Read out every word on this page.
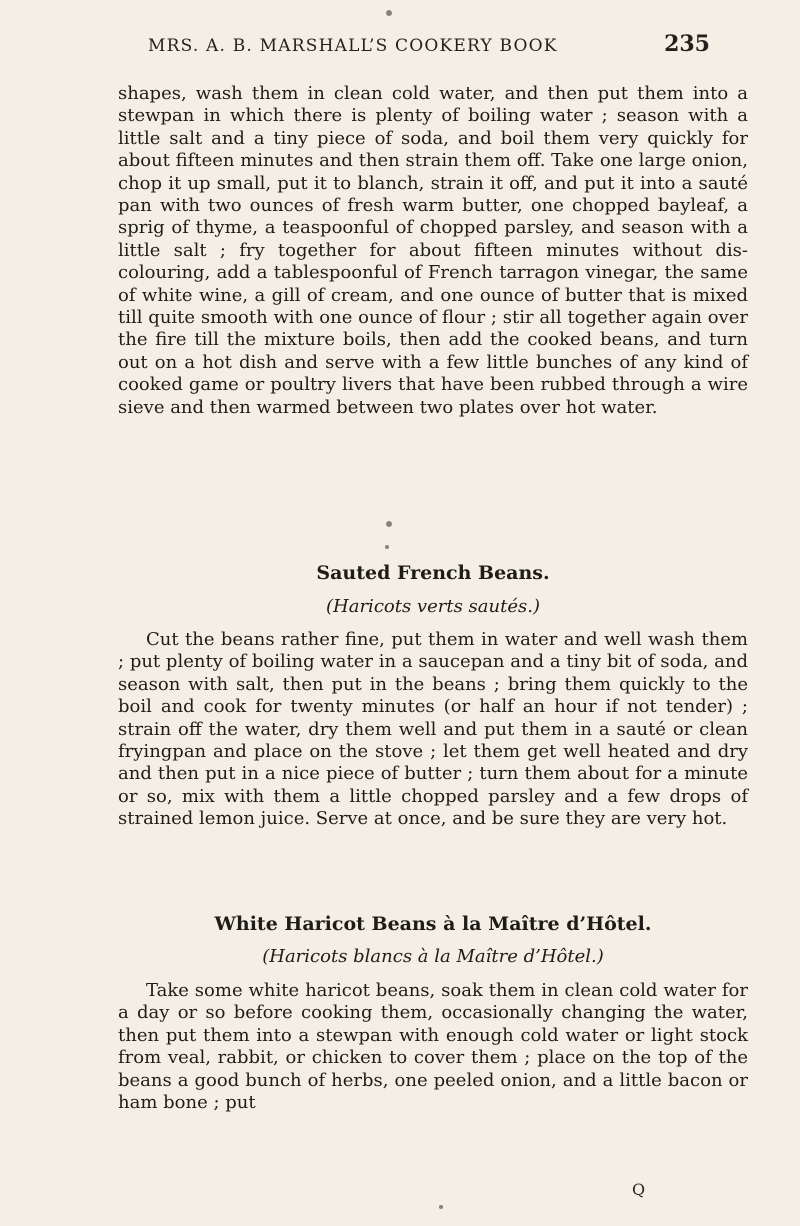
MRS. A. B. MARSHALL’S COOKERY BOOK	235
shapes, wash them in clean cold water, and then put them into a stewpan in which there is plenty of boiling water ; season with a little salt and a tiny piece of soda, and boil them very quickly for about fifteen minutes and then strain them off. Take one large onion, chop it up small, put it to blanch, strain it off, and put it into a sauté pan with two ounces of fresh warm butter, one chopped bayleaf, a sprig of thyme, a teaspoonful of chopped parsley, and season with a little salt ; fry together for about fifteen minutes without dis-colouring, add a tablespoonful of French tarragon vinegar, the same of white wine, a gill of cream, and one ounce of butter that is mixed till quite smooth with one ounce of flour ; stir all together again over the fire till the mixture boils, then add the cooked beans, and turn out on a hot dish and serve with a few little bunches of any kind of cooked game or poultry livers that have been rubbed through a wire sieve and then warmed between two plates over hot water.
Sauted French Beans.
(Haricots verts sautés.)
Cut the beans rather fine, put them in water and well wash them ; put plenty of boiling water in a saucepan and a tiny bit of soda, and season with salt, then put in the beans ; bring them quickly to the boil and cook for twenty minutes (or half an hour if not tender) ; strain off the water, dry them well and put them in a sauté or clean fryingpan and place on the stove ; let them get well heated and dry and then put in a nice piece of butter ; turn them about for a minute or so, mix with them a little chopped parsley and a few drops of strained lemon juice. Serve at once, and be sure they are very hot.
White Haricot Beans à la Maître d’Hôtel.
(Haricots blancs à la Maître d’Hôtel.)
Take some white haricot beans, soak them in clean cold water for a day or so before cooking them, occasionally changing the water, then put them into a stewpan with enough cold water or light stock from veal, rabbit, or chicken to cover them ; place on the top of the beans a good bunch of herbs, one peeled onion, and a little bacon or ham bone ; put
Q
